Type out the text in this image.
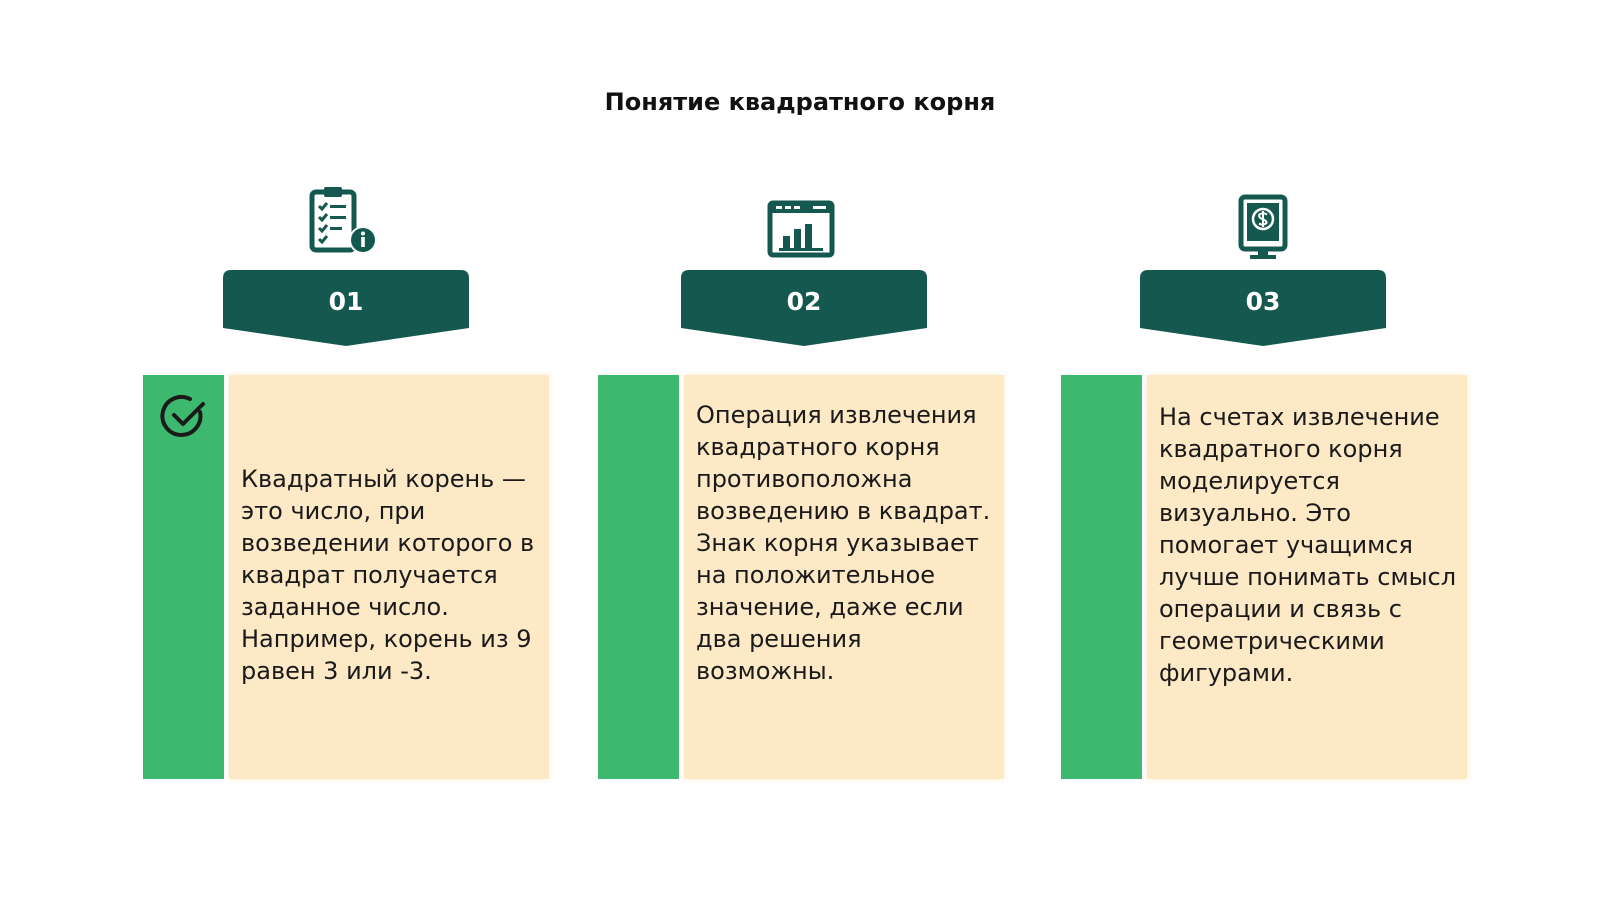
Понятие квадратного корня
01
Квадратный корень — это число, при возведении которого в квадрат получается заданное число. Например, корень из 9 равен 3 или -3.
02
Операция извлечения квадратного корня противоположна возведению в квадрат. Знак корня указывает на положительное значение, даже если два решения возможны.
03
На счетах извлечение квадратного корня моделируется визуально. Это помогает учащимся лучше понимать смысл операции и связь с геометрическими фигурами.
